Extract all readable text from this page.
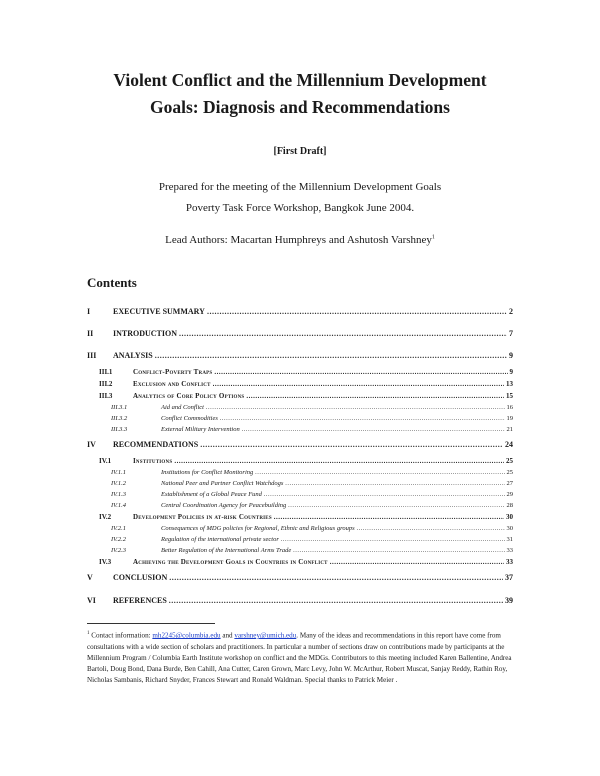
Violent Conflict and the Millennium Development
Goals: Diagnosis and Recommendations
[First Draft]
Prepared for the meeting of the Millennium Development Goals Poverty Task Force Workshop, Bangkok June 2004.
Lead Authors: Macartan Humphreys and Ashutosh Varshney$^1$
Contents
I	EXECUTIVE SUMMARY .....	2
II	INTRODUCTION .....	7
III	ANALYSIS .....	9
III.1	Conflict-Poverty Traps .....	9
III.2	Exclusion and Conflict .....	13
III.3	Analytics of Core Policy Options .....	15
III.3.1	Aid and Conflict .....	16
III.3.2	Conflict Commodities .....	19
III.3.3	External Military Intervention .....	21
IV	RECOMMENDATIONS .....	24
IV.1	Institutions .....	25
IV.1.1	Institutions for Conflict Monitoring .....	25
IV.1.2	National Peer and Partner Conflict Watchdogs .....	27
IV.1.3	Establishment of a Global Peace Fund .....	29
IV.1.4	Central Coordination Agency for Peacebuilding .....	28
IV.2	Development Policies in at-risk Countries .....	30
IV.2.1	Consequences of MDG policies for Regional, Ethnic and Religious groups .....	30
IV.2.2	Regulation of the international private sector .....	31
IV.2.3	Better Regulation of the International Arms Trade .....	33
IV.3	Achieving the Development Goals in Countries in Conflict .....	33
V	CONCLUSION .....	37
VI	REFERENCES .....	39
$^1$ Contact information: mh2245@columbia.edu and varshney@umich.edu. Many of the ideas and recommendations in this report have come from consultations with a wide section of scholars and practitioners. In particular a number of sections draw on contributions made by participants at the Millennium Program / Columbia Earth Institute workshop on conflict and the MDGs. Contributors to this meeting included Karen Ballentine, Andrea Bartoli, Doug Bond, Dana Burde, Ben Cahill, Ana Cutter, Caren Grown, Marc Levy, John W. McArthur, Robert Muscat, Sanjay Reddy, Rathin Roy, Nicholas Sambanis, Richard Snyder, Frances Stewart and Ronald Waldman. Special thanks to Patrick Meier .
